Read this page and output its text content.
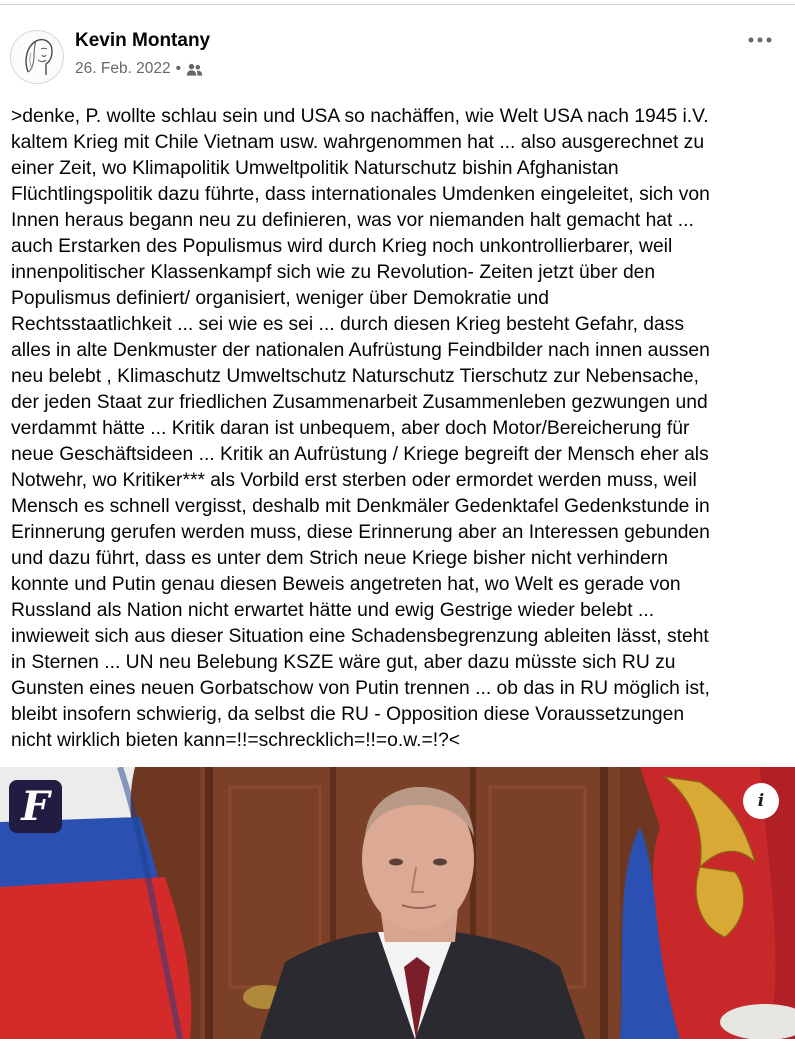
Kevin Montany
26. Feb. 2022 •

>denke, P. wollte schlau sein und USA so nachäffen, wie Welt USA nach 1945 i.V.
kaltem Krieg mit Chile Vietnam usw. wahrgenommen hat ... also ausgerechnet zu
einer Zeit, wo Klimapolitik Umweltpolitik Naturschutz bishin Afghanistan
Flüchtlingspolitik dazu führte, dass internationales Umdenken eingeleitet, sich von
Innen heraus begann neu zu definieren, was vor niemanden halt gemacht hat ...
auch Erstarken des Populismus wird durch Krieg noch unkontrollierbarer, weil
innenpolitischer Klassenkampf sich wie zu Revolution- Zeiten jetzt über den
Populismus definiert/ organisiert, weniger über Demokratie und
Rechtsstaatlichkeit ... sei wie es sei ... durch diesen Krieg besteht Gefahr, dass
alles in alte Denkmuster der nationalen Aufrüstung Feindbilder nach innen aussen
neu belebt , Klimaschutz Umweltschutz Naturschutz Tierschutz zur Nebensache,
der jeden Staat zur friedlichen Zusammenarbeit Zusammenleben gezwungen und
verdammt hätte ... Kritik daran ist unbequem, aber doch Motor/Bereicherung für
neue Geschäftsideen ... Kritik an Aufrüstung / Kriege begreift der Mensch eher als
Notwehr, wo Kritiker*** als Vorbild erst sterben oder ermordet werden muss, weil
Mensch es schnell vergisst, deshalb mit Denkmäler Gedenktafel Gedenkstunde in
Erinnerung gerufen werden muss, diese Erinnerung aber an Interessen gebunden
und dazu führt, dass es unter dem Strich neue Kriege bisher nicht verhindern
konnte und Putin genau diesen Beweis angetreten hat, wo Welt es gerade von
Russland als Nation nicht erwartet hätte und ewig Gestrige wieder belebt ...
inwieweit sich aus dieser Situation eine Schadensbegrenzung ableiten lässt, steht
in Sternen ... UN neu Belebung KSZE wäre gut, aber dazu müsste sich RU zu
Gunsten eines neuen Gorbatschow von Putin trennen ... ob das in RU möglich ist,
bleibt insofern schwierig, da selbst die RU - Opposition diese Voraussetzungen
nicht wirklich bieten kann=!!=schrecklich=!!=o.w.=!?<

F	i
